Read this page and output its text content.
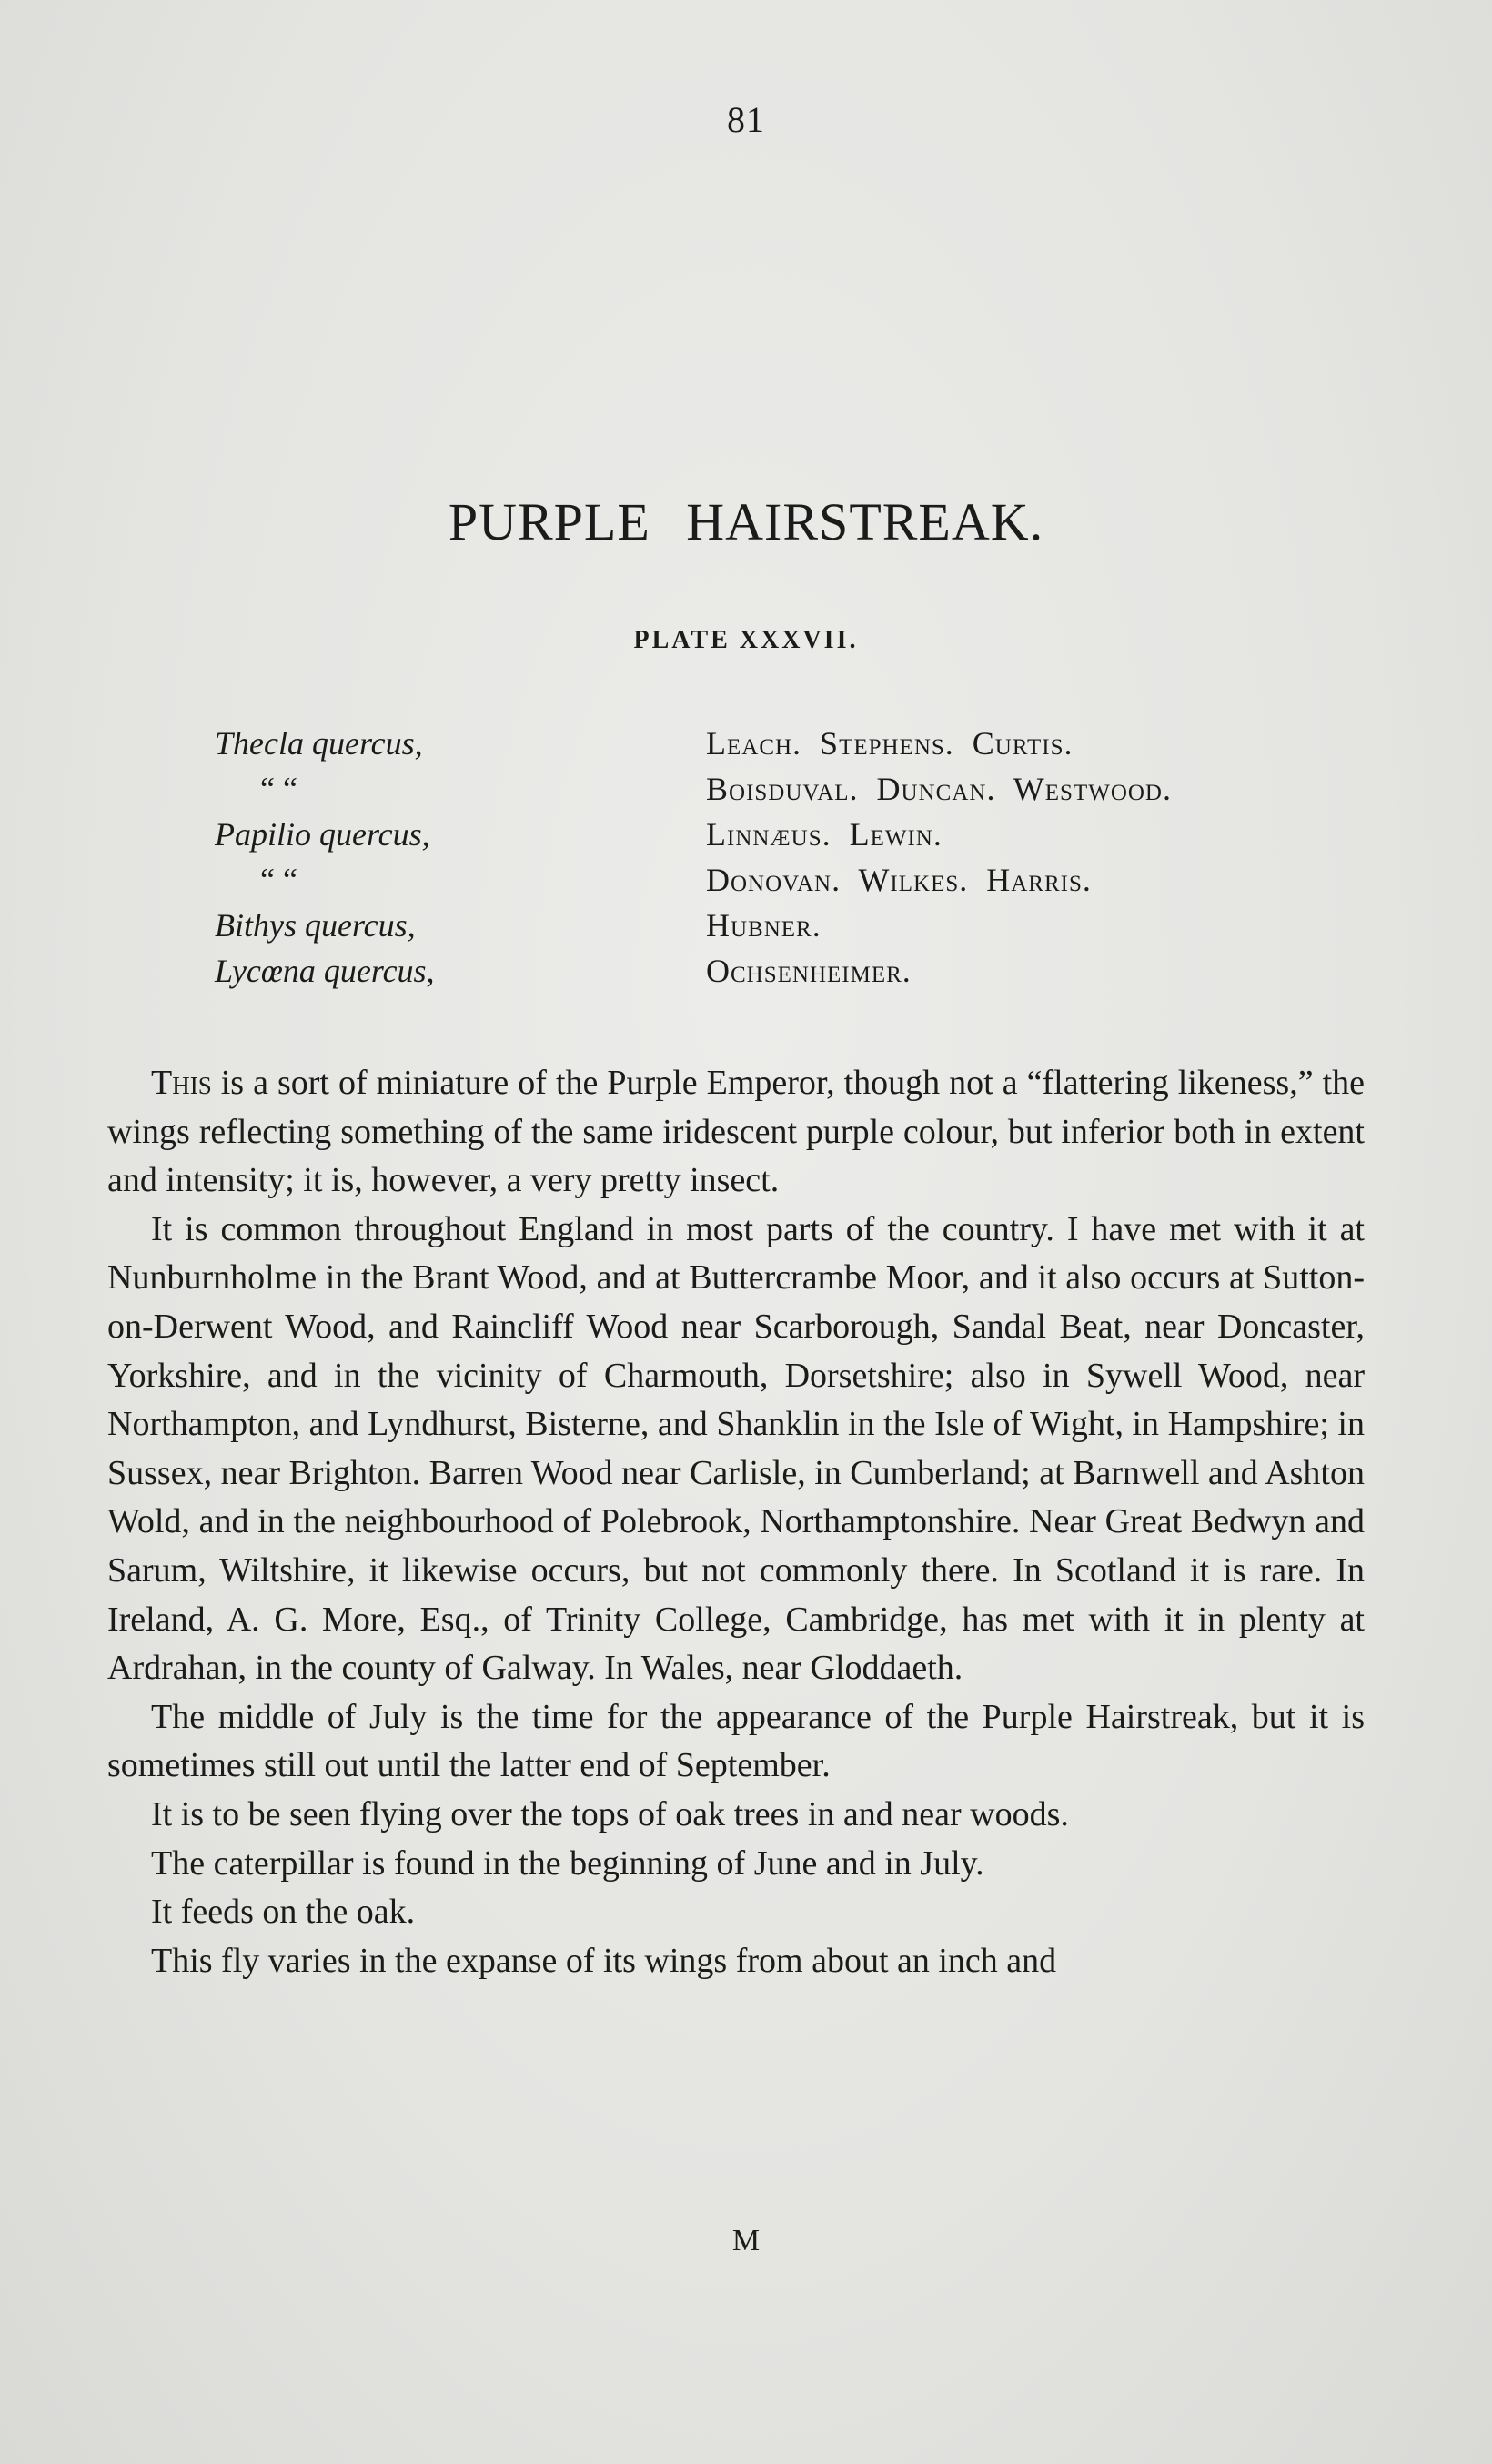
81
PURPLE HAIRSTREAK.
PLATE XXXVII.
Thecla quercus,	Leach. Stephens. Curtis.
“ “	Boisduval. Duncan. Westwood.
Papilio quercus,	Linnæus. Lewin.
“ “	Donovan. Wilkes. Harris.
Bithys quercus,	Hubner.
Lycœna quercus,	Ochsenheimer.

This is a sort of miniature of the Purple Emperor, though not a “flattering likeness,” the wings reflecting something of the same iridescent purple colour, but inferior both in extent and intensity; it is, however, a very pretty insect.

It is common throughout England in most parts of the country. I have met with it at Nunburnholme in the Brant Wood, and at Buttercrambe Moor, and it also occurs at Sutton-on-Derwent Wood, and Raincliff Wood near Scarborough, Sandal Beat, near Doncaster, Yorkshire, and in the vicinity of Charmouth, Dorsetshire; also in Sywell Wood, near Northampton, and Lyndhurst, Bisterne, and Shanklin in the Isle of Wight, in Hampshire; in Sussex, near Brighton. Barren Wood near Carlisle, in Cumberland; at Barnwell and Ashton Wold, and in the neighbourhood of Polebrook, Northamptonshire. Near Great Bedwyn and Sarum, Wiltshire, it likewise occurs, but not commonly there. In Scotland it is rare. In Ireland, A. G. More, Esq., of Trinity College, Cambridge, has met with it in plenty at Ardrahan, in the county of Galway. In Wales, near Gloddaeth.

The middle of July is the time for the appearance of the Purple Hairstreak, but it is sometimes still out until the latter end of September.

It is to be seen flying over the tops of oak trees in and near woods.

The caterpillar is found in the beginning of June and in July.

It feeds on the oak.

This fly varies in the expanse of its wings from about an inch and

M
